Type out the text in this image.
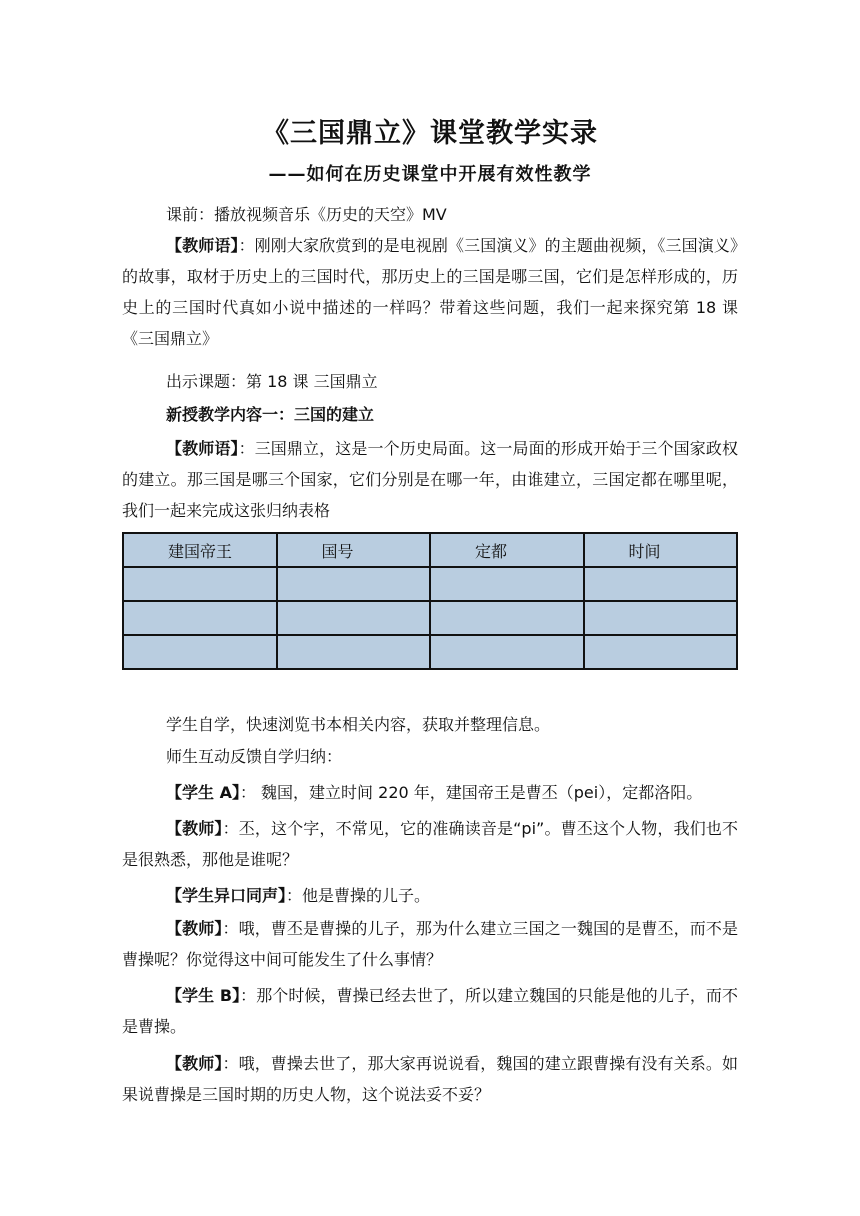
《三国鼎立》课堂教学实录
——如何在历史课堂中开展有效性教学
课前：播放视频音乐《历史的天空》MV
【教师语】：刚刚大家欣赏到的是电视剧《三国演义》的主题曲视频，《三国演义》的故事，取材于历史上的三国时代，那历史上的三国是哪三国，它们是怎样形成的，历史上的三国时代真如小说中描述的一样吗？带着这些问题，我们一起来探究第 18 课《三国鼎立》
出示课题：第 18 课 三国鼎立
新授教学内容一：三国的建立
【教师语】：三国鼎立，这是一个历史局面。这一局面的形成开始于三个国家政权的建立。那三国是哪三个国家，它们分别是在哪一年，由谁建立，三国定都在哪里呢，我们一起来完成这张归纳表格
建国帝王	国号	定都	时间

学生自学，快速浏览书本相关内容，获取并整理信息。
师生互动反馈自学归纳：
【学生 A】： 魏国，建立时间 220 年，建国帝王是曹丕（pei），定都洛阳。
【教师】：丕，这个字，不常见，它的准确读音是“pi”。曹丕这个人物，我们也不是很熟悉，那他是谁呢？
【学生异口同声】：他是曹操的儿子。
【教师】：哦，曹丕是曹操的儿子，那为什么建立三国之一魏国的是曹丕，而不是曹操呢？你觉得这中间可能发生了什么事情？
【学生 B】：那个时候，曹操已经去世了，所以建立魏国的只能是他的儿子，而不是曹操。
【教师】：哦，曹操去世了，那大家再说说看，魏国的建立跟曹操有没有关系。如果说曹操是三国时期的历史人物，这个说法妥不妥？
